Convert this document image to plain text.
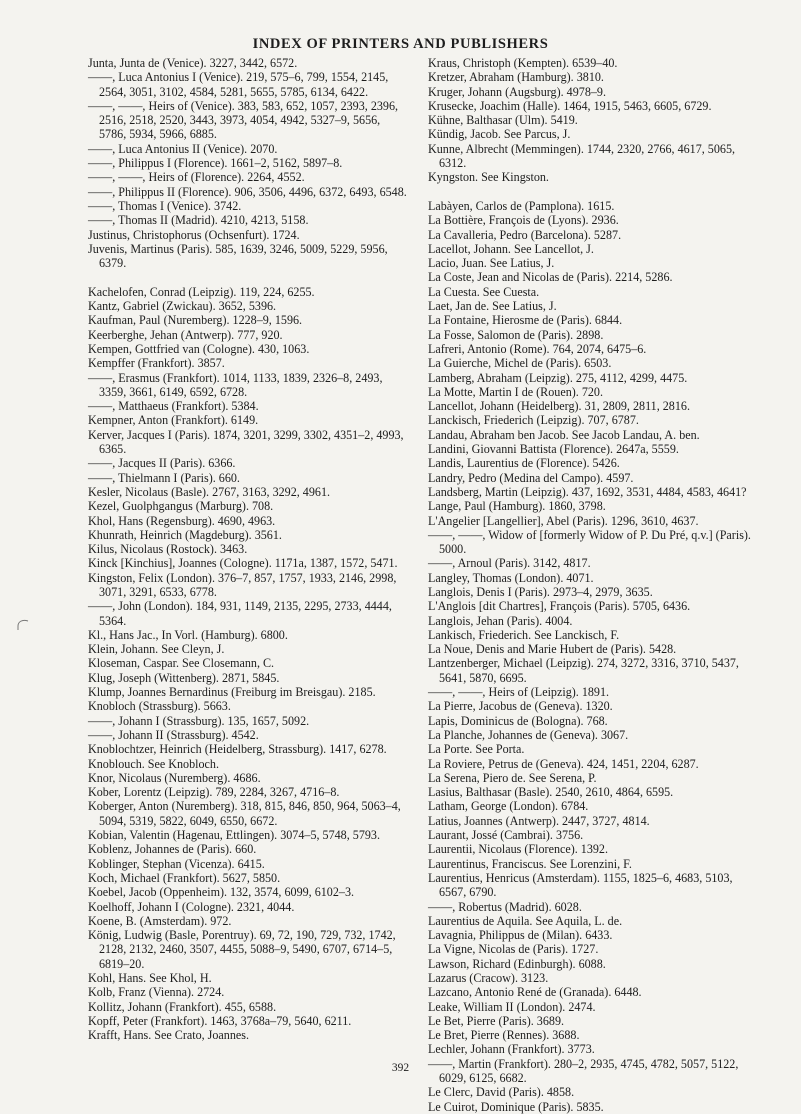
INDEX OF PRINTERS AND PUBLISHERS
Junta, Junta de (Venice). 3227, 3442, 6572.
——, Luca Antonius I (Venice). 219, 575–6, 799, 1554, 2145, 2564, 3051, 3102, 4584, 5281, 5655, 5785, 6134, 6422.
——, ——, Heirs of (Venice). 383, 583, 652, 1057, 2393, 2396, 2516, 2518, 2520, 3443, 3973, 4054, 4942, 5327–9, 5656, 5786, 5934, 5966, 6885.
——, Luca Antonius II (Venice). 2070.
——, Philippus I (Florence). 1661–2, 5162, 5897–8.
——, ——, Heirs of (Florence). 2264, 4552.
——, Philippus II (Florence). 906, 3506, 4496, 6372, 6493, 6548.
——, Thomas I (Venice). 3742.
——, Thomas II (Madrid). 4210, 4213, 5158.
Justinus, Christophorus (Ochsenfurt). 1724.
Juvenis, Martinus (Paris). 585, 1639, 3246, 5009, 5229, 5956, 6379.

Kachelofen, Conrad (Leipzig). 119, 224, 6255.
Kantz, Gabriel (Zwickau). 3652, 5396.
Kaufman, Paul (Nuremberg). 1228–9, 1596.
Keerberghe, Jehan (Antwerp). 777, 920.
Kempen, Gottfried van (Cologne). 430, 1063.
Kempffer (Frankfort). 3857.
——, Erasmus (Frankfort). 1014, 1133, 1839, 2326–8, 2493, 3359, 3661, 6149, 6592, 6728.
——, Matthaeus (Frankfort). 5384.
Kempner, Anton (Frankfort). 6149.
Kerver, Jacques I (Paris). 1874, 3201, 3299, 3302, 4351–2, 4993, 6365.
——, Jacques II (Paris). 6366.
——, Thielmann I (Paris). 660.
Kesler, Nicolaus (Basle). 2767, 3163, 3292, 4961.
Kezel, Guolphgangus (Marburg). 708.
Khol, Hans (Regensburg). 4690, 4963.
Khunrath, Heinrich (Magdeburg). 3561.
Kilus, Nicolaus (Rostock). 3463.
Kinck [Kinchius], Joannes (Cologne). 1171a, 1387, 1572, 5471.
Kingston, Felix (London). 376–7, 857, 1757, 1933, 2146, 2998, 3071, 3291, 6533, 6778.
——, John (London). 184, 931, 1149, 2135, 2295, 2733, 4444, 5364.
Kl., Hans Jac., In Vorl. (Hamburg). 6800.
Klein, Johann. See Cleyn, J.
Kloseman, Caspar. See Closemann, C.
Klug, Joseph (Wittenberg). 2871, 5845.
Klump, Joannes Bernardinus (Freiburg im Breisgau). 2185.
Knobloch (Strassburg). 5663.
——, Johann I (Strassburg). 135, 1657, 5092.
——, Johann II (Strassburg). 4542.
Knoblochtzer, Heinrich (Heidelberg, Strassburg). 1417, 6278.
Knoblouch. See Knobloch.
Knor, Nicolaus (Nuremberg). 4686.
Kober, Lorentz (Leipzig). 789, 2284, 3267, 4716–8.
Koberger, Anton (Nuremberg). 318, 815, 846, 850, 964, 5063–4, 5094, 5319, 5822, 6049, 6550, 6672.
Kobian, Valentin (Hagenau, Ettlingen). 3074–5, 5748, 5793.
Koblenz, Johannes de (Paris). 660.
Koblinger, Stephan (Vicenza). 6415.
Koch, Michael (Frankfort). 5627, 5850.
Koebel, Jacob (Oppenheim). 132, 3574, 6099, 6102–3.
Koelhoff, Johann I (Cologne). 2321, 4044.
Koene, B. (Amsterdam). 972.
König, Ludwig (Basle, Porentruy). 69, 72, 190, 729, 732, 1742, 2128, 2132, 2460, 3507, 4455, 5088–9, 5490, 6707, 6714–5, 6819–20.
Kohl, Hans. See Khol, H.
Kolb, Franz (Vienna). 2724.
Kollitz, Johann (Frankfort). 455, 6588.
Kopff, Peter (Frankfort). 1463, 3768a–79, 5640, 6211.
Krafft, Hans. See Crato, Joannes.
Kraus, Christoph (Kempten). 6539–40.
Kretzer, Abraham (Hamburg). 3810.
Kruger, Johann (Augsburg). 4978–9.
Krusecke, Joachim (Halle). 1464, 1915, 5463, 6605, 6729.
Kühne, Balthasar (Ulm). 5419.
Kündig, Jacob. See Parcus, J.
Kunne, Albrecht (Memmingen). 1744, 2320, 2766, 4617, 5065, 6312.
Kyngston. See Kingston.

Labàyen, Carlos de (Pamplona). 1615.
La Bottière, François de (Lyons). 2936.
La Cavalleria, Pedro (Barcelona). 5287.
Lacellot, Johann. See Lancellot, J.
Lacio, Juan. See Latius, J.
La Coste, Jean and Nicolas de (Paris). 2214, 5286.
La Cuesta. See Cuesta.
Laet, Jan de. See Latius, J.
La Fontaine, Hierosme de (Paris). 6844.
La Fosse, Salomon de (Paris). 2898.
Lafreri, Antonio (Rome). 764, 2074, 6475–6.
La Guierche, Michel de (Paris). 6503.
Lamberg, Abraham (Leipzig). 275, 4112, 4299, 4475.
La Motte, Martin I de (Rouen). 720.
Lancellot, Johann (Heidelberg). 31, 2809, 2811, 2816.
Lanckisch, Friederich (Leipzig). 707, 6787.
Landau, Abraham ben Jacob. See Jacob Landau, A. ben.
Landini, Giovanni Battista (Florence). 2647a, 5559.
Landis, Laurentius de (Florence). 5426.
Landry, Pedro (Medina del Campo). 4597.
Landsberg, Martin (Leipzig). 437, 1692, 3531, 4484, 4583, 4641?
Lange, Paul (Hamburg). 1860, 3798.
L'Angelier [Langellier], Abel (Paris). 1296, 3610, 4637.
——, ——, Widow of [formerly Widow of P. Du Pré, q.v.] (Paris). 5000.
——, Arnoul (Paris). 3142, 4817.
Langley, Thomas (London). 4071.
Langlois, Denis I (Paris). 2973–4, 2979, 3635.
L'Anglois [dit Chartres], François (Paris). 5705, 6436.
Langlois, Jehan (Paris). 4004.
Lankisch, Friederich. See Lanckisch, F.
La Noue, Denis and Marie Hubert de (Paris). 5428.
Lantzenberger, Michael (Leipzig). 274, 3272, 3316, 3710, 5437, 5641, 5870, 6695.
——, ——, Heirs of (Leipzig). 1891.
La Pierre, Jacobus de (Geneva). 1320.
Lapis, Dominicus de (Bologna). 768.
La Planche, Johannes de (Geneva). 3067.
La Porte. See Porta.
La Roviere, Petrus de (Geneva). 424, 1451, 2204, 6287.
La Serena, Piero de. See Serena, P.
Lasius, Balthasar (Basle). 2540, 2610, 4864, 6595.
Latham, George (London). 6784.
Latius, Joannes (Antwerp). 2447, 3727, 4814.
Laurant, Jossé (Cambrai). 3756.
Laurentii, Nicolaus (Florence). 1392.
Laurentinus, Franciscus. See Lorenzini, F.
Laurentius, Henricus (Amsterdam). 1155, 1825–6, 4683, 5103, 6567, 6790.
——, Robertus (Madrid). 6028.
Laurentius de Aquila. See Aquila, L. de.
Lavagnia, Philippus de (Milan). 6433.
La Vigne, Nicolas de (Paris). 1727.
Lawson, Richard (Edinburgh). 6088.
Lazarus (Cracow). 3123.
Lazcano, Antonio René de (Granada). 6448.
Leake, William II (London). 2474.
Le Bet, Pierre (Paris). 3689.
Le Bret, Pierre (Rennes). 3688.
Lechler, Johann (Frankfort). 3773.
——, Martin (Frankfort). 280–2, 2935, 4745, 4782, 5057, 5122, 6029, 6125, 6682.
Le Clerc, David (Paris). 4858.
Le Cuirot, Dominique (Paris). 5835.
392
